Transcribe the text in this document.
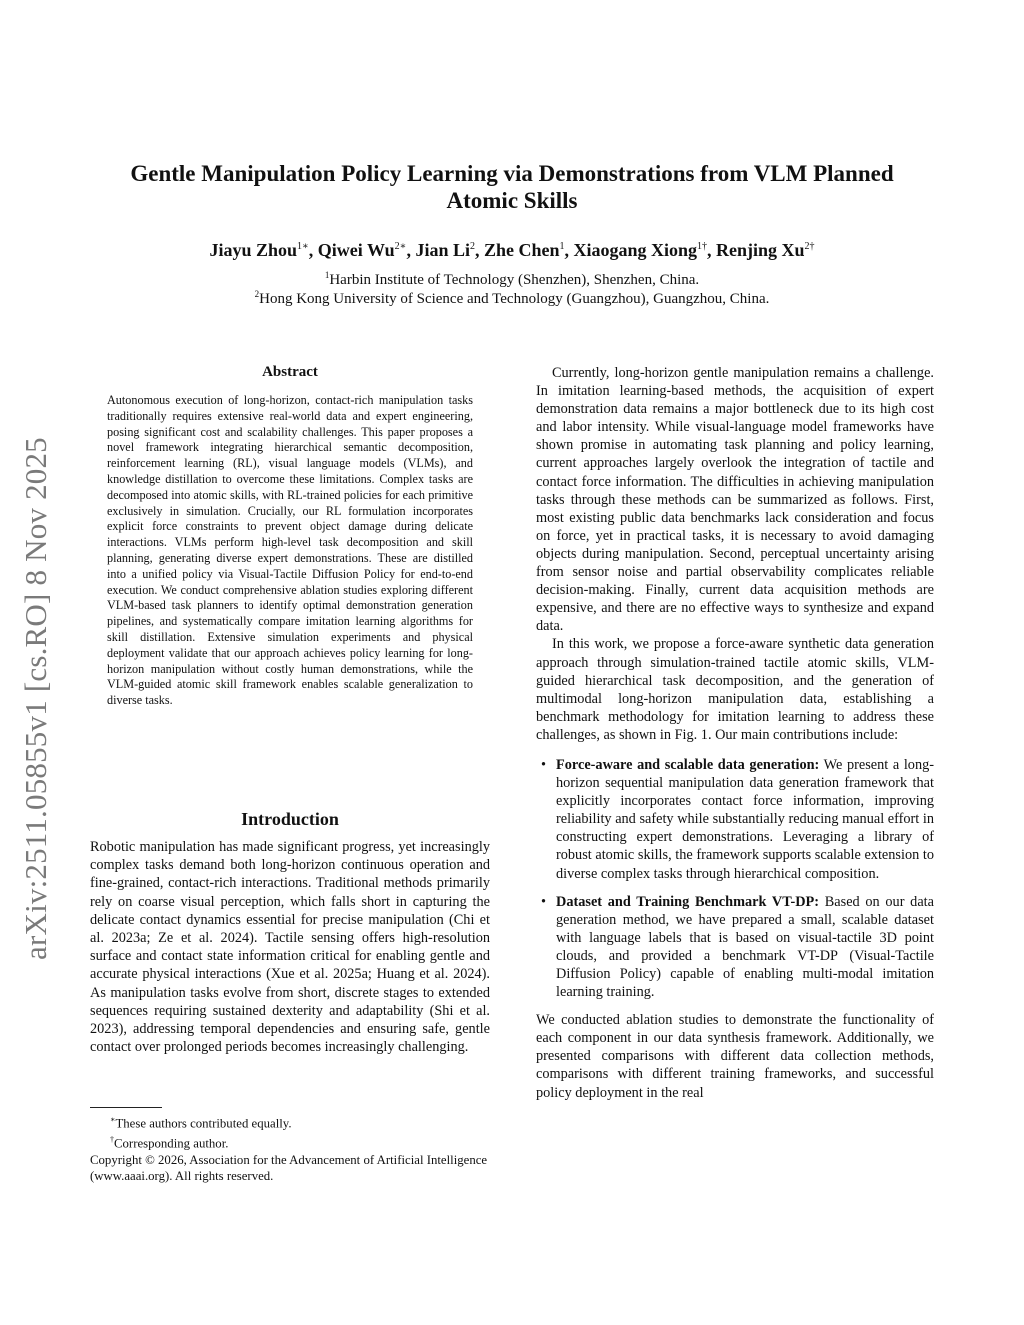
arXiv:2511.05855v1 [cs.RO] 8 Nov 2025
Gentle Manipulation Policy Learning via Demonstrations from VLM Planned
Atomic Skills
Jiayu Zhou$^{1∗}$, Qiwei $Wu^{2∗}$, Jian Li$^2$, Zhe Chen$^1$, Xiaogang Xiong$^{1\dagger}$, Renjing $Xu^{2\dagger}$
$^1$Harbin Institute of Technology (Shenzhen), Shenzhen, China.
$^2$Hong Kong University of Science and Technology (Guangzhou), Guangzhou, China.
Abstract
Autonomous execution of long-horizon, contact-rich manipulation tasks traditionally requires extensive real-world data and expert engineering, posing significant cost and scalability challenges. This paper proposes a novel framework integrating hierarchical semantic decomposition, reinforcement learning (RL), visual language models (VLMs), and knowledge distillation to overcome these limitations. Complex tasks are decomposed into atomic skills, with RL-trained policies for each primitive exclusively in simulation. Crucially, our RL formulation incorporates explicit force constraints to prevent object damage during delicate interactions. VLMs perform high-level task decomposition and skill planning, generating diverse expert demonstrations. These are distilled into a unified policy via Visual-Tactile Diffusion Policy for end-to-end execution. We conduct comprehensive ablation studies exploring different VLM-based task planners to identify optimal demonstration generation pipelines, and systematically compare imitation learning algorithms for skill distillation. Extensive simulation experiments and physical deployment validate that our approach achieves policy learning for long-horizon manipulation without costly human demonstrations, while the VLM-guided atomic skill framework enables scalable generalization to diverse tasks.
Introduction
Robotic manipulation has made significant progress, yet increasingly complex tasks demand both long-horizon continuous operation and fine-grained, contact-rich interactions. Traditional methods primarily rely on coarse visual perception, which falls short in capturing the delicate contact dynamics essential for precise manipulation (Chi et al. 2023a; Ze et al. 2024). Tactile sensing offers high-resolution surface and contact state information critical for enabling gentle and accurate physical interactions (Xue et al. 2025a; Huang et al. 2024). As manipulation tasks evolve from short, discrete stages to extended sequences requiring sustained dexterity and adaptability (Shi et al. 2023), addressing temporal dependencies and ensuring safe, gentle contact over prolonged periods becomes increasingly challenging.
∗These authors contributed equally.
†Corresponding author.
Copyright © 2026, Association for the Advancement of Artificial Intelligence (www.aaai.org). All rights reserved.

Currently, long-horizon gentle manipulation remains a challenge. In imitation learning-based methods, the acquisition of expert demonstration data remains a major bottleneck due to its high cost and labor intensity. While visual-language model frameworks have shown promise in automating task planning and policy learning, current approaches largely overlook the integration of tactile and contact force information. The difficulties in achieving manipulation tasks through these methods can be summarized as follows. First, most existing public data benchmarks lack consideration and focus on force, yet in practical tasks, it is necessary to avoid damaging objects during manipulation. Second, perceptual uncertainty arising from sensor noise and partial observability complicates reliable decision-making. Finally, current data acquisition methods are expensive, and there are no effective ways to synthesize and expand data.

In this work, we propose a force-aware synthetic data generation approach through simulation-trained tactile atomic skills, VLM-guided hierarchical task decomposition, and the generation of multimodal long-horizon manipulation data, establishing a benchmark methodology for imitation learning to address these challenges, as shown in Fig. 1. Our main contributions include:

• Force-aware and scalable data generation: We present a long-horizon sequential manipulation data generation framework that explicitly incorporates contact force information, improving reliability and safety while substantially reducing manual effort in constructing expert demonstrations. Leveraging a library of robust atomic skills, the framework supports scalable extension to diverse complex tasks through hierarchical composition.
• Dataset and Training Benchmark VT-DP: Based on our data generation method, we have prepared a small, scalable dataset with language labels that is based on visual-tactile 3D point clouds, and provided a benchmark VT-DP (Visual-Tactile Diffusion Policy) capable of enabling multi-modal imitation learning training.

We conducted ablation studies to demonstrate the functionality of each component in our data synthesis framework. Additionally, we presented comparisons with different data collection methods, comparisons with different training frameworks, and successful policy deployment in the real
